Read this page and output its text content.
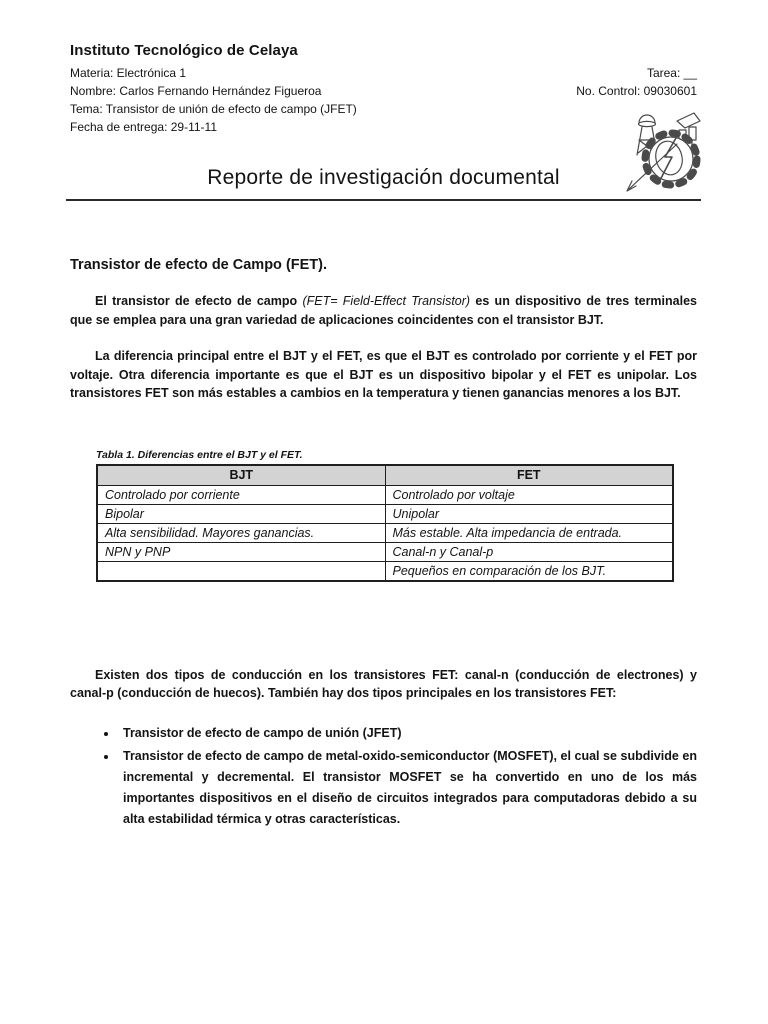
Instituto Tecnológico de Celaya
Materia: Electrónica 1	Tarea: __
Nombre: Carlos Fernando Hernández Figueroa	No. Control: 09030601
Tema: Transistor de unión de efecto de campo (JFET)
Fecha de entrega: 29-11-11
Reporte de investigación documental
Transistor de efecto de Campo (FET).

El transistor de efecto de campo (FET= Field-Effect Transistor) es un dispositivo de tres terminales que se emplea para una gran variedad de aplicaciones coincidentes con el transistor BJT.

La diferencia principal entre el BJT y el FET, es que el BJT es controlado por corriente y el FET por voltaje. Otra diferencia importante es que el BJT es un dispositivo bipolar y el FET es unipolar. Los transistores FET son más estables a cambios en la temperatura y tienen ganancias menores a los BJT.

Tabla 1. Diferencias entre el BJT y el FET.
BJT	FET
Controlado por corriente	Controlado por voltaje
Bipolar	Unipolar
Alta sensibilidad. Mayores ganancias.	Más estable. Alta impedancia de entrada.
NPN y PNP	Canal-n y Canal-p
	Pequeños en comparación de los BJT.

Existen dos tipos de conducción en los transistores FET: canal-n (conducción de electrones) y canal-p (conducción de huecos). También hay dos tipos principales en los transistores FET:

• Transistor de efecto de campo de unión (JFET)
• Transistor de efecto de campo de metal-oxido-semiconductor (MOSFET), el cual se subdivide en incremental y decremental. El transistor MOSFET se ha convertido en uno de los más importantes dispositivos en el diseño de circuitos integrados para computadoras debido a su alta estabilidad térmica y otras características.
